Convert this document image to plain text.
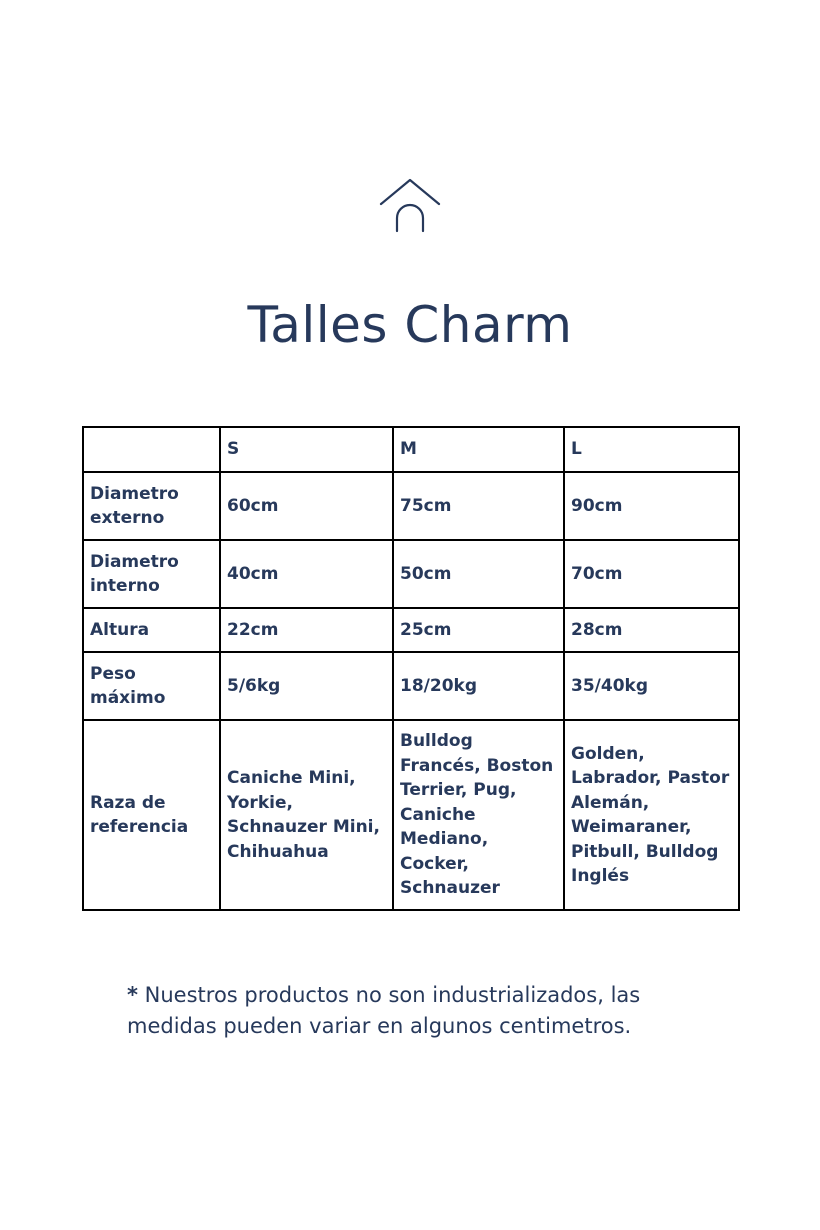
Talles Charm
	S	M	L
Diametro externo	60cm	75cm	90cm
Diametro interno	40cm	50cm	70cm
Altura	22cm	25cm	28cm
Peso máximo	5/6kg	18/20kg	35/40kg
Raza de referencia	Caniche Mini, Yorkie, Schnauzer Mini, Chihuahua	Bulldog Francés, Boston Terrier, Pug, Caniche Mediano, Cocker, Schnauzer	Golden, Labrador, Pastor Alemán, Weimaraner, Pitbull, Bulldog Inglés

* Nuestros productos no son industrializados, las medidas pueden variar en algunos centimetros.
